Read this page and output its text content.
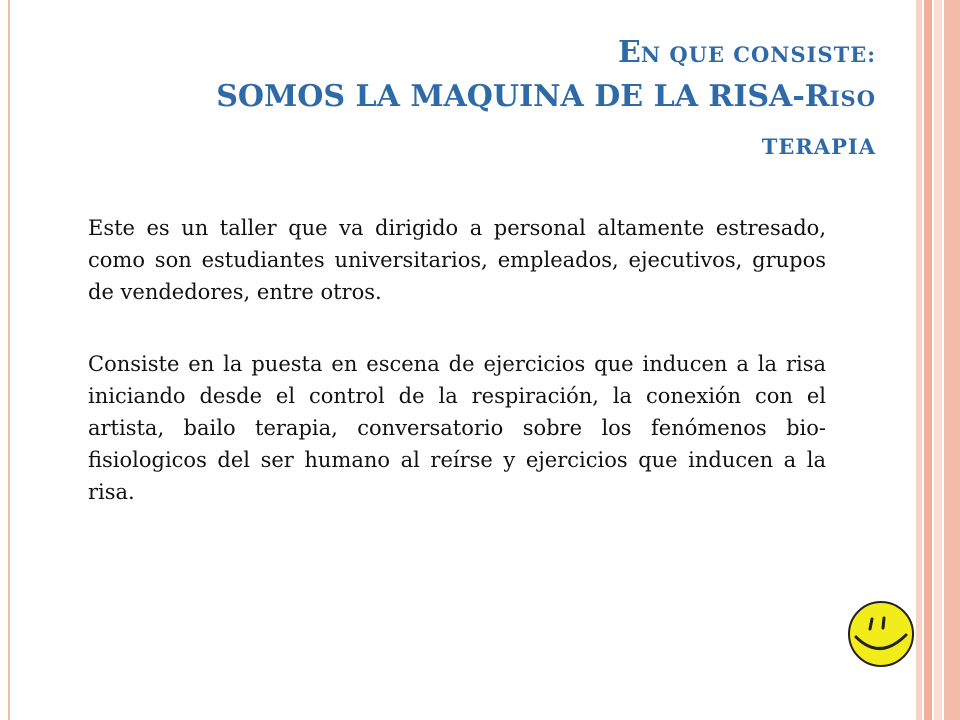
EN QUE CONSISTE:
SOMOS LA MAQUINA DE LA RISA-RISO
TERAPIA

Este es un taller que va dirigido a personal altamente estresado, como son estudiantes universitarios, empleados, ejecutivos, grupos de vendedores, entre otros.

Consiste en la puesta en escena de ejercicios que inducen a la risa iniciando desde el control de la respiración, la conexión con el artista, bailo terapia, conversatorio sobre los fenómenos bio-fisiologicos del ser humano al reírse y ejercicios que inducen a la risa.
